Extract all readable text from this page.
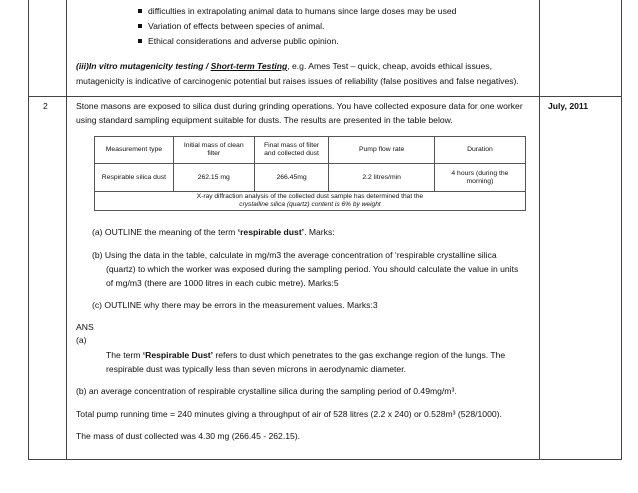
difficulties in extrapolating animal data to humans since large doses may be used
Variation of effects between species of animal.
Ethical considerations and adverse public opinion.
(iii)In vitro mutagenicity testing / Short-term Testing, e.g. Ames Test – quick, cheap, avoids ethical issues,
mutagenicity is indicative of carcinogenic potential but raises issues of reliability (false positives and false negatives).
2	July, 2011
Stone masons are exposed to silica dust during grinding operations. You have collected exposure data for one worker
using standard sampling equipment suitable for dusts. The results are presented in the table below.
Measurement type	Initial mass of clean filter	Final mass of filter and collected dust	Pump flow rate	Duration
Respirable silica dust	262.15 mg	266.45mg	2.2 litres/min	4 hours (during the morning)

X-ray diffraction analysis of the collected dust sample has determined that the
crystalline silica (quartz) content is 6% by weight				
(a) OUTLINE the meaning of the term ‘respirable dust’. Marks:
(b) Using the data in the table, calculate in mg/m3 the average concentration of ‘respirable crystalline silica
(quartz) to which the worker was exposed during the sampling period. You should calculate the value in units
of mg/m3 (there are 1000 litres in each cubic metre). Marks:5
(c) OUTLINE why there may be errors in the measurement values. Marks:3
ANS
(a)
The term ‘Respirable Dust’ refers to dust which penetrates to the gas exchange region of the lungs. The
respirable dust was typically less than seven microns in aerodynamic diameter.
(b) an average concentration of respirable crystalline silica during the sampling period of 0.49mg/m³.
Total pump running time = 240 minutes giving a throughput of air of 528 litres (2.2 x 240) or 0.528m³ (528/1000).
The mass of dust collected was 4.30 mg (266.45 - 262.15).
